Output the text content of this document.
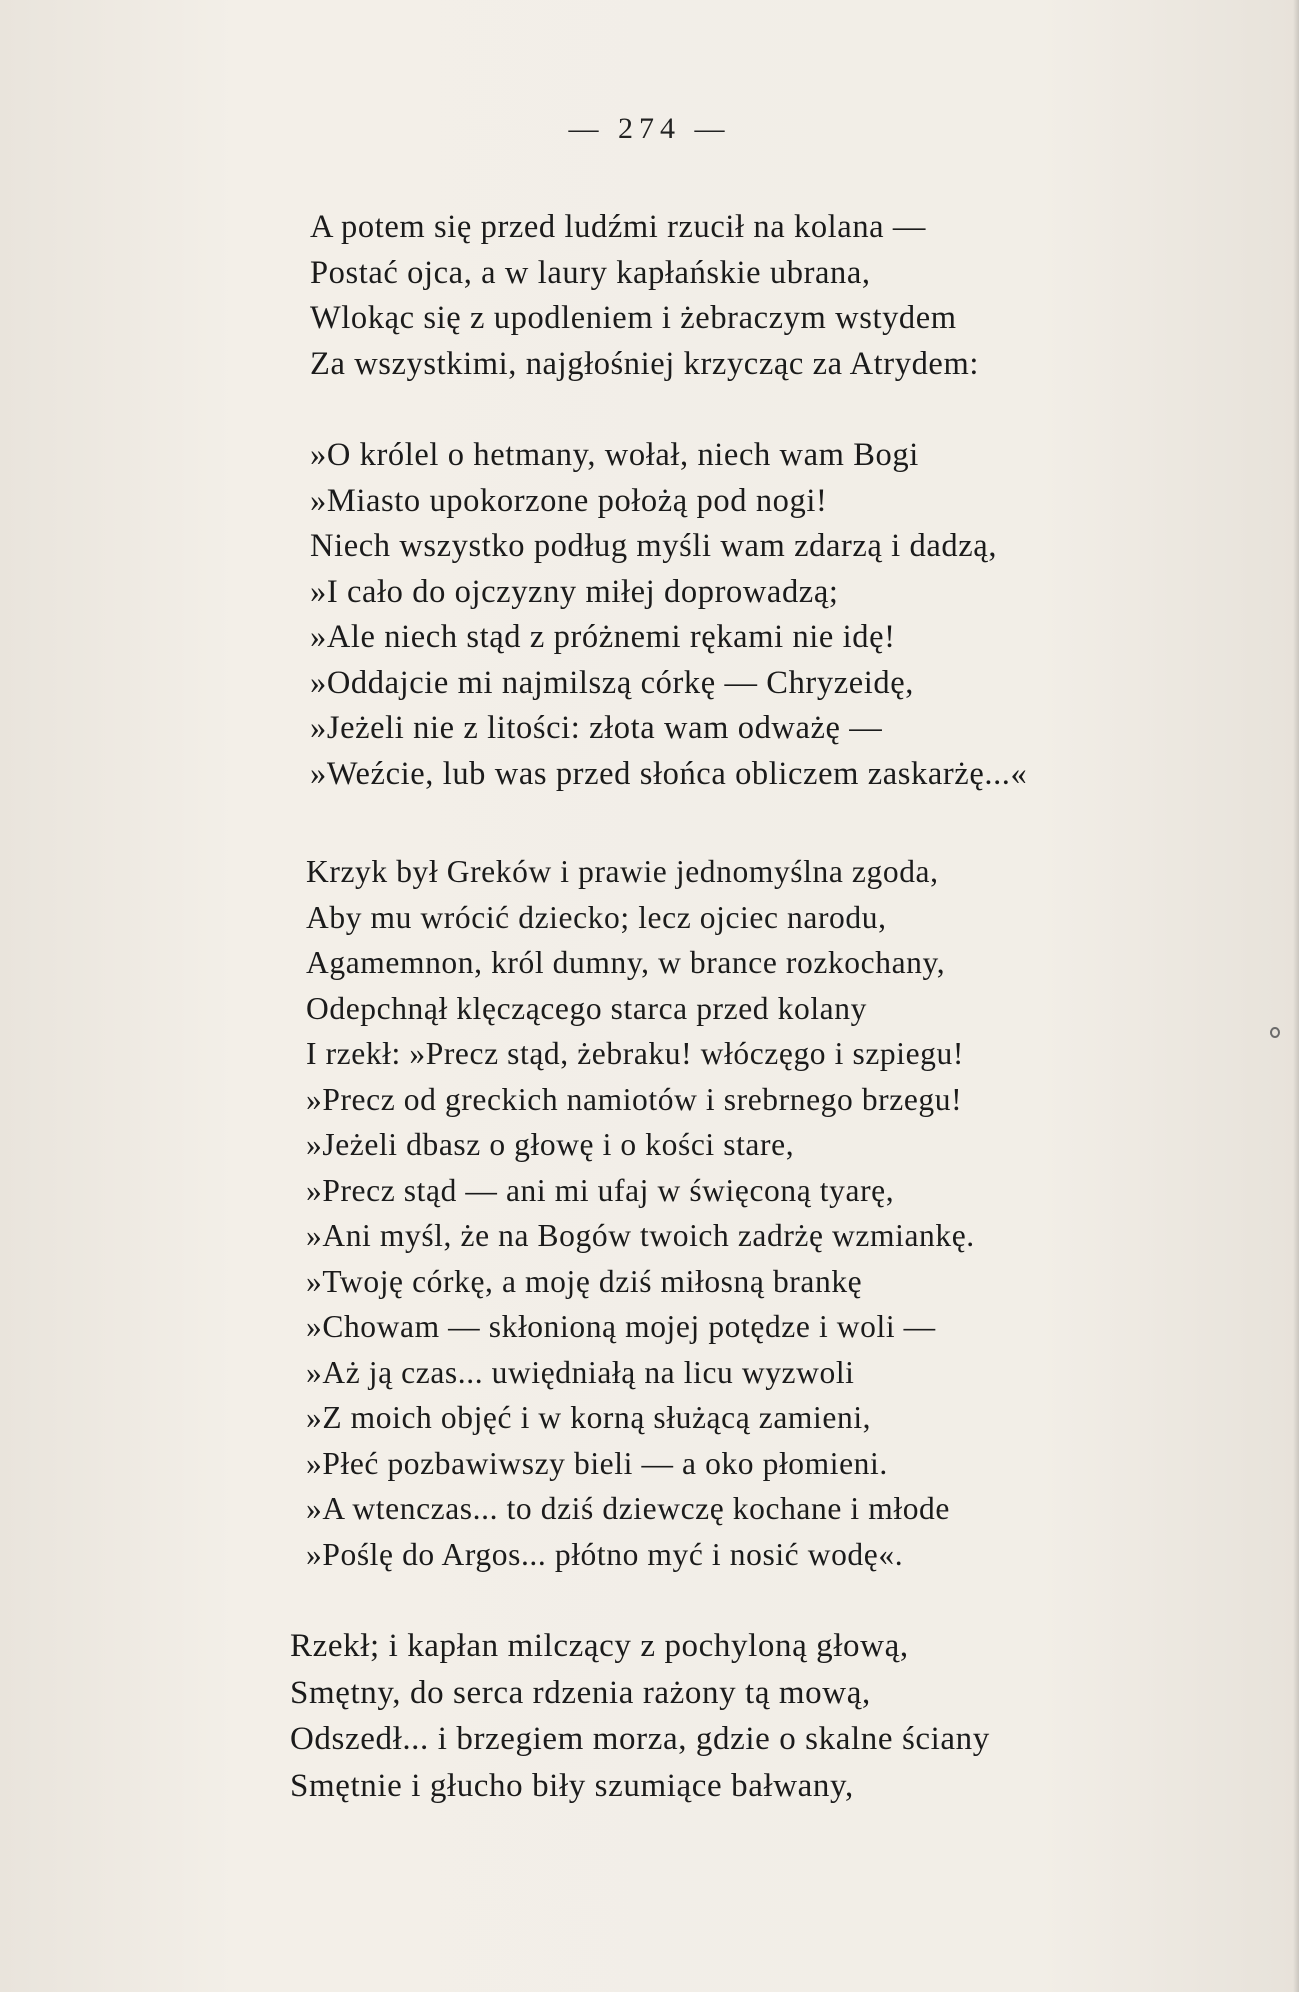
— 274 —
A potem się przed ludźmi rzucił na kolana —
Postać ojca, a w laury kapłańskie ubrana,
Wlokąc się z upodleniem i żebraczym wstydem
Za wszystkimi, najgłośniej krzycząc za Atrydem:
»O królel o hetmany, wołał, niech wam Bogi
»Miasto upokorzone położą pod nogi!
Niech wszystko podług myśli wam zdarzą i dadzą,
»I cało do ojczyzny miłej doprowadzą;
»Ale niech stąd z próżnemi rękami nie idę!
»Oddajcie mi najmilszą córkę — Chryzeidę,
»Jeżeli nie z litości: złota wam odważę —
»Weźcie, lub was przed słońca obliczem zaskarżę...«
Krzyk był Greków i prawie jednomyślna zgoda,
Aby mu wrócić dziecko; lecz ojciec narodu,
Agamemnon, król dumny, w brance rozkochany,
Odepchnął klęczącego starca przed kolany
I rzekł: »Precz stąd, żebraku! włóczęgo i szpiegu!
»Precz od greckich namiotów i srebrnego brzegu!
»Jeżeli dbasz o głowę i o kości stare,
»Precz stąd — ani mi ufaj w święconą tyarę,
»Ani myśl, że na Bogów twoich zadrżę wzmiankę.
»Twoję córkę, a moję dziś miłosną brankę
»Chowam — skłonioną mojej potędze i woli —
»Aż ją czas... uwiędniałą na licu wyzwoli
»Z moich objęć i w korną służącą zamieni,
»Płeć pozbawiwszy bieli — a oko płomieni.
»A wtenczas... to dziś dziewczę kochane i młode
»Poślę do Argos... płótno myć i nosić wodę«.
Rzekł; i kapłan milczący z pochyloną głową,
Smętny, do serca rdzenia rażony tą mową,
Odszedł... i brzegiem morza, gdzie o skalne ściany
Smętnie i głucho biły szumiące bałwany,
